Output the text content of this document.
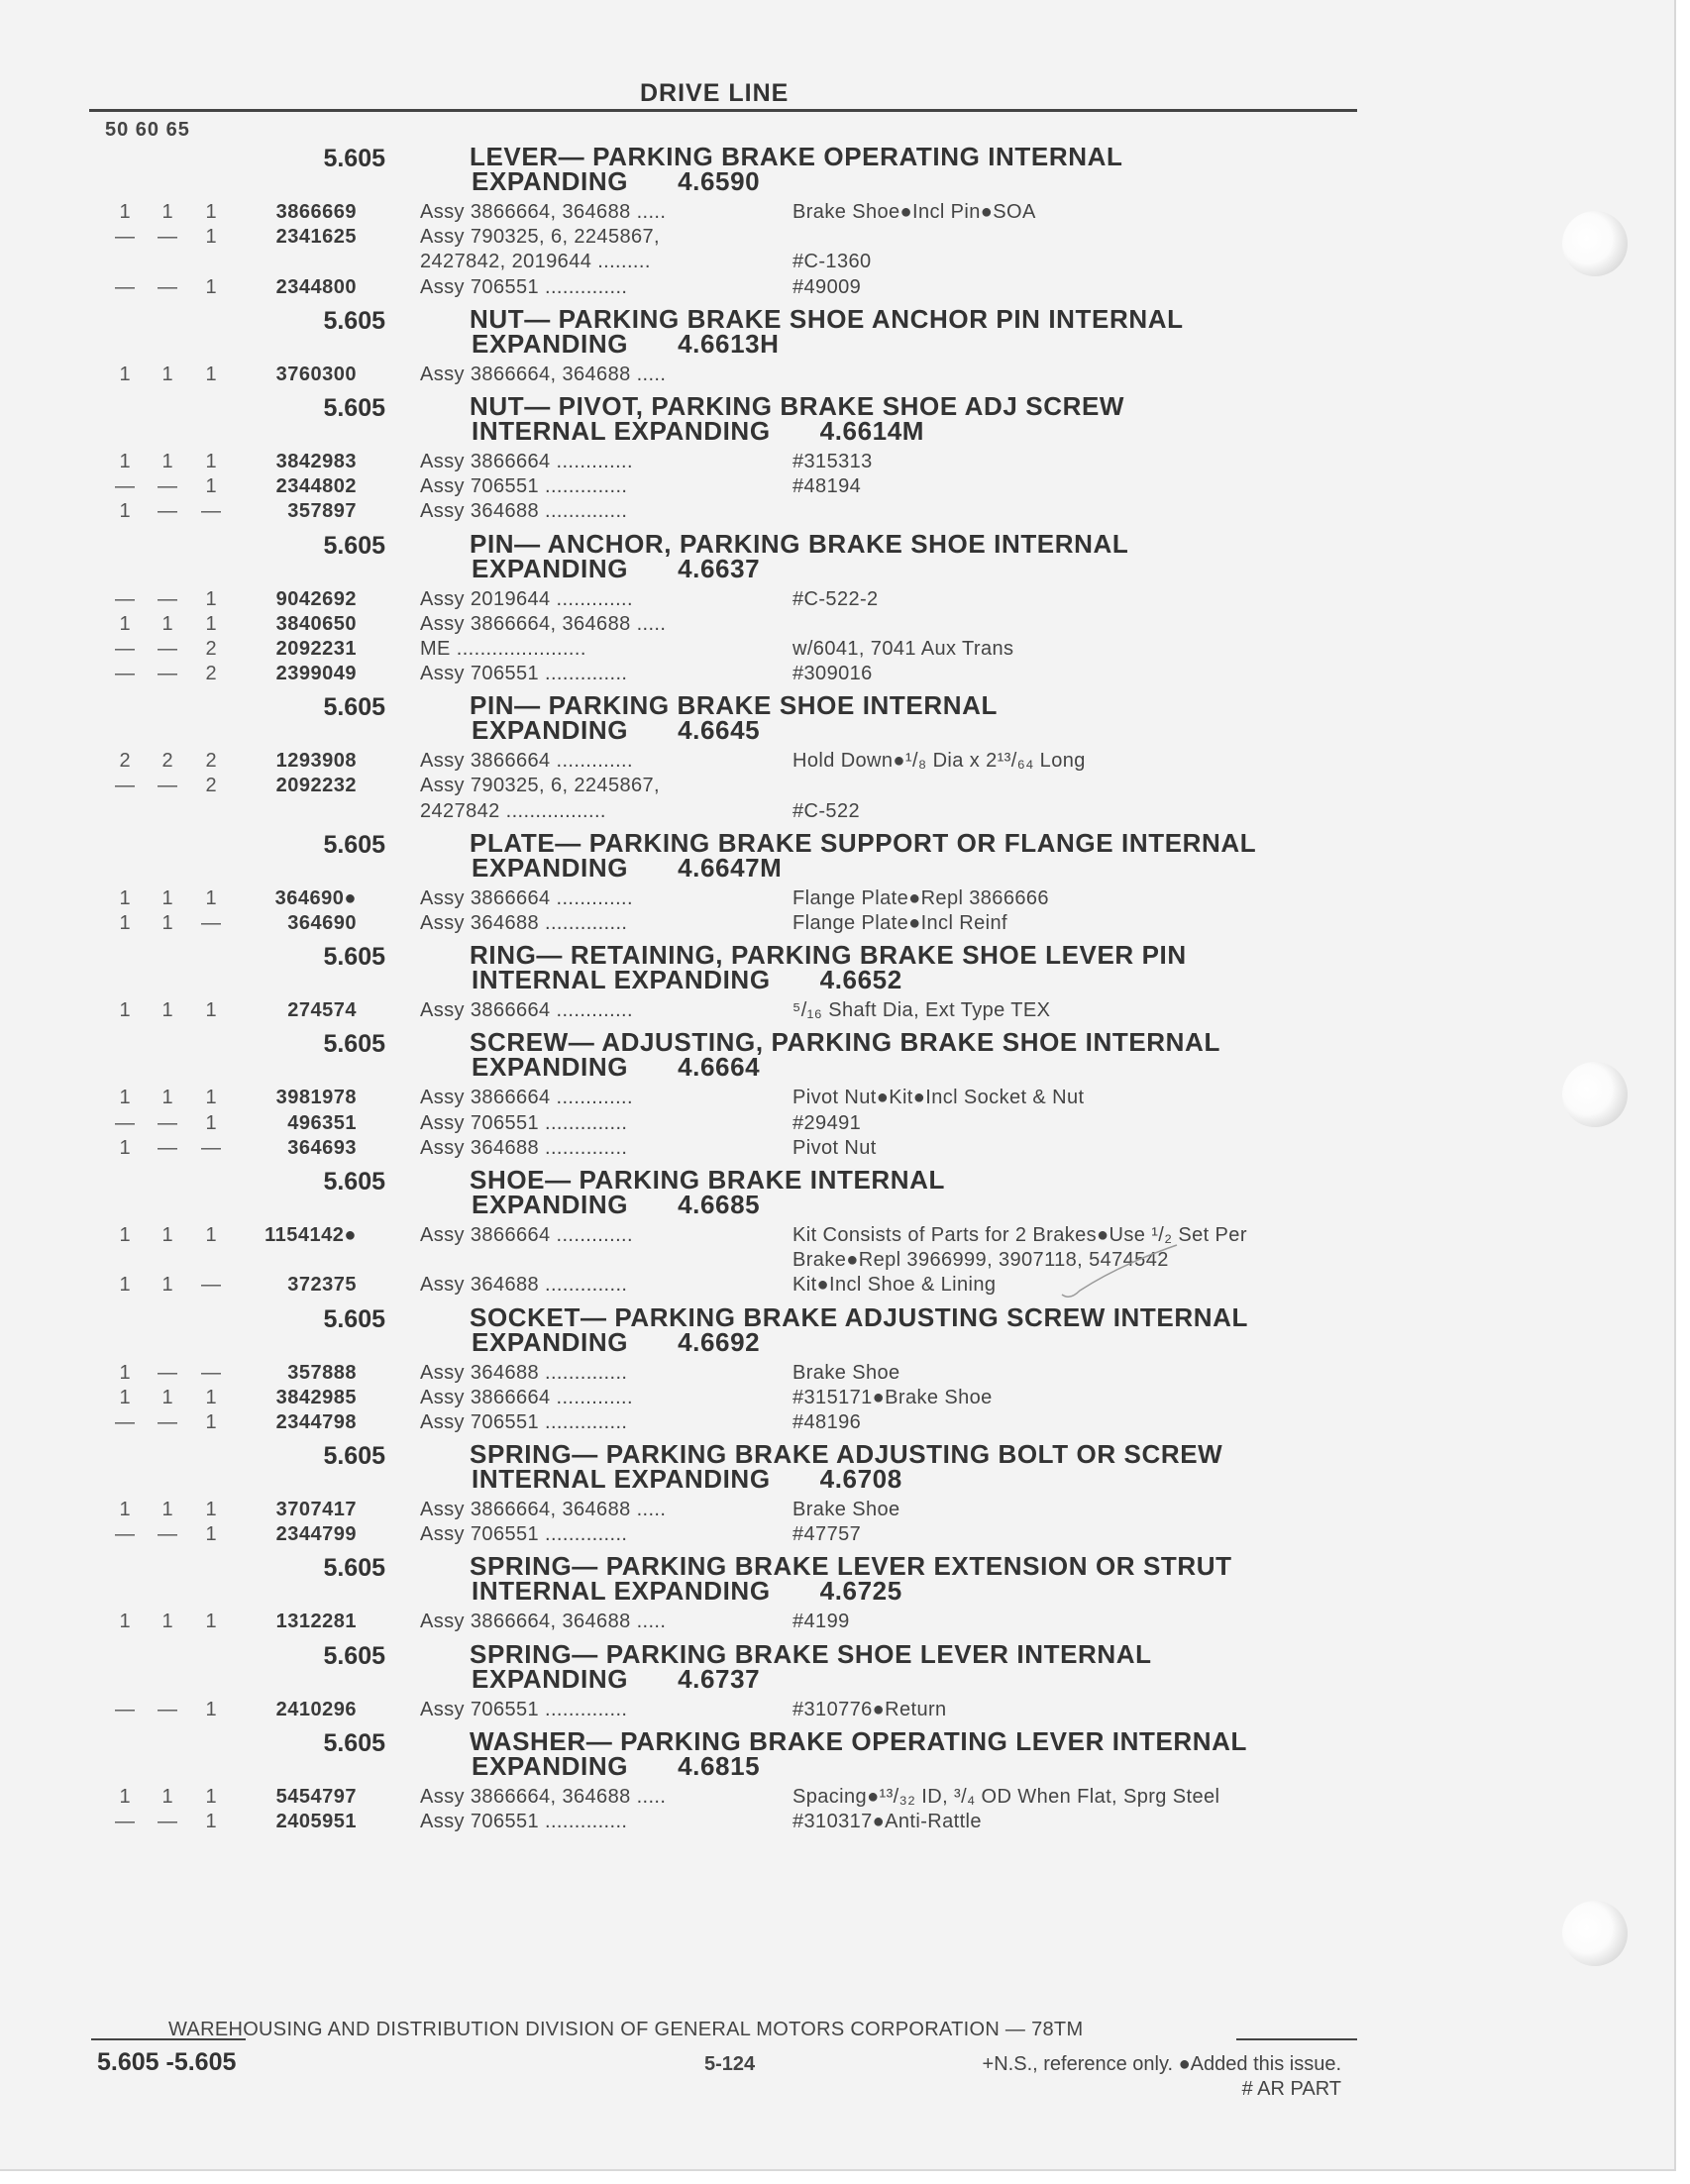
DRIVE LINE
50 60 65
5.605	LEVER— PARKING BRAKE OPERATING INTERNAL
EXPANDING 4.6590
1 1 1	3866669	Assy 3866664, 364688 .....	Brake Shoe●Incl Pin●SOA
— — 1	2341625	Assy 790325, 6, 2245867,
2427842, 2019644 .........	#C-1360
— — 1	2344800	Assy 706551 ..............	#49009
5.605	NUT— PARKING BRAKE SHOE ANCHOR PIN INTERNAL
EXPANDING 4.6613H
1 1 1	3760300	Assy 3866664, 364688 .....
5.605	NUT— PIVOT, PARKING BRAKE SHOE ADJ SCREW
INTERNAL EXPANDING 4.6614M
1 1 1	3842983	Assy 3866664 .............	#315313
— — 1	2344802	Assy 706551 ..............	#48194
1 — —	357897	Assy 364688 ..............
5.605	PIN— ANCHOR, PARKING BRAKE SHOE INTERNAL
EXPANDING 4.6637
— — 1	9042692	Assy 2019644 .............	#C-522-2
1 1 1	3840650	Assy 3866664, 364688 .....
— — 2	2092231	ME ......................	w/6041, 7041 Aux Trans
— — 2	2399049	Assy 706551 ..............	#309016
5.605	PIN— PARKING BRAKE SHOE INTERNAL
EXPANDING 4.6645
2 2 2	1293908	Assy 3866664 .............	Hold Down●¹/₈ Dia x 2¹³/₆₄ Long
— — 2	2092232	Assy 790325, 6, 2245867,
2427842 .................	#C-522
5.605	PLATE— PARKING BRAKE SUPPORT OR FLANGE INTERNAL
EXPANDING 4.6647M
1 1 1	364690●	Assy 3866664 .............	Flange Plate●Repl 3866666
1 1 —	364690	Assy 364688 ..............	Flange Plate●Incl Reinf
5.605	RING— RETAINING, PARKING BRAKE SHOE LEVER PIN
INTERNAL EXPANDING 4.6652
1 1 1	274574	Assy 3866664 .............	⁵/₁₆ Shaft Dia, Ext Type TEX
5.605	SCREW— ADJUSTING, PARKING BRAKE SHOE INTERNAL
EXPANDING 4.6664
1 1 1	3981978	Assy 3866664 .............	Pivot Nut●Kit●Incl Socket & Nut
— — 1	496351	Assy 706551 ..............	#29491
1 — —	364693	Assy 364688 ..............	Pivot Nut
5.605	SHOE— PARKING BRAKE INTERNAL
EXPANDING 4.6685
1 1 1	1154142●	Assy 3866664 .............	Kit Consists of Parts for 2 Brakes●Use ¹/₂ Set Per
Brake●Repl 3966999, 3907118, 5474542
1 1 —	372375	Assy 364688 ..............	Kit●Incl Shoe & Lining
5.605	SOCKET— PARKING BRAKE ADJUSTING SCREW INTERNAL
EXPANDING 4.6692
1 — —	357888	Assy 364688 ..............	Brake Shoe
1 1 1	3842985	Assy 3866664 .............	#315171●Brake Shoe
— — 1	2344798	Assy 706551 ..............	#48196
5.605	SPRING— PARKING BRAKE ADJUSTING BOLT OR SCREW
INTERNAL EXPANDING 4.6708
1 1 1	3707417	Assy 3866664, 364688 .....	Brake Shoe
— — 1	2344799	Assy 706551 ..............	#47757
5.605	SPRING— PARKING BRAKE LEVER EXTENSION OR STRUT
INTERNAL EXPANDING 4.6725
1 1 1	1312281	Assy 3866664, 364688 .....	#4199
5.605	SPRING— PARKING BRAKE SHOE LEVER INTERNAL
EXPANDING 4.6737
— — 1	2410296	Assy 706551 ..............	#310776●Return
5.605	WASHER— PARKING BRAKE OPERATING LEVER INTERNAL
EXPANDING 4.6815
1 1 1	5454797	Assy 3866664, 364688 .....	Spacing●¹³/₃₂ ID, ³/₄ OD When Flat, Sprg Steel
— — 1	2405951	Assy 706551 ..............	#310317●Anti-Rattle
WAREHOUSING AND DISTRIBUTION DIVISION OF GENERAL MOTORS CORPORATION — 78TM
5.605 -5.605	5-124	+N.S., reference only. ●Added this issue.
# AR PART
